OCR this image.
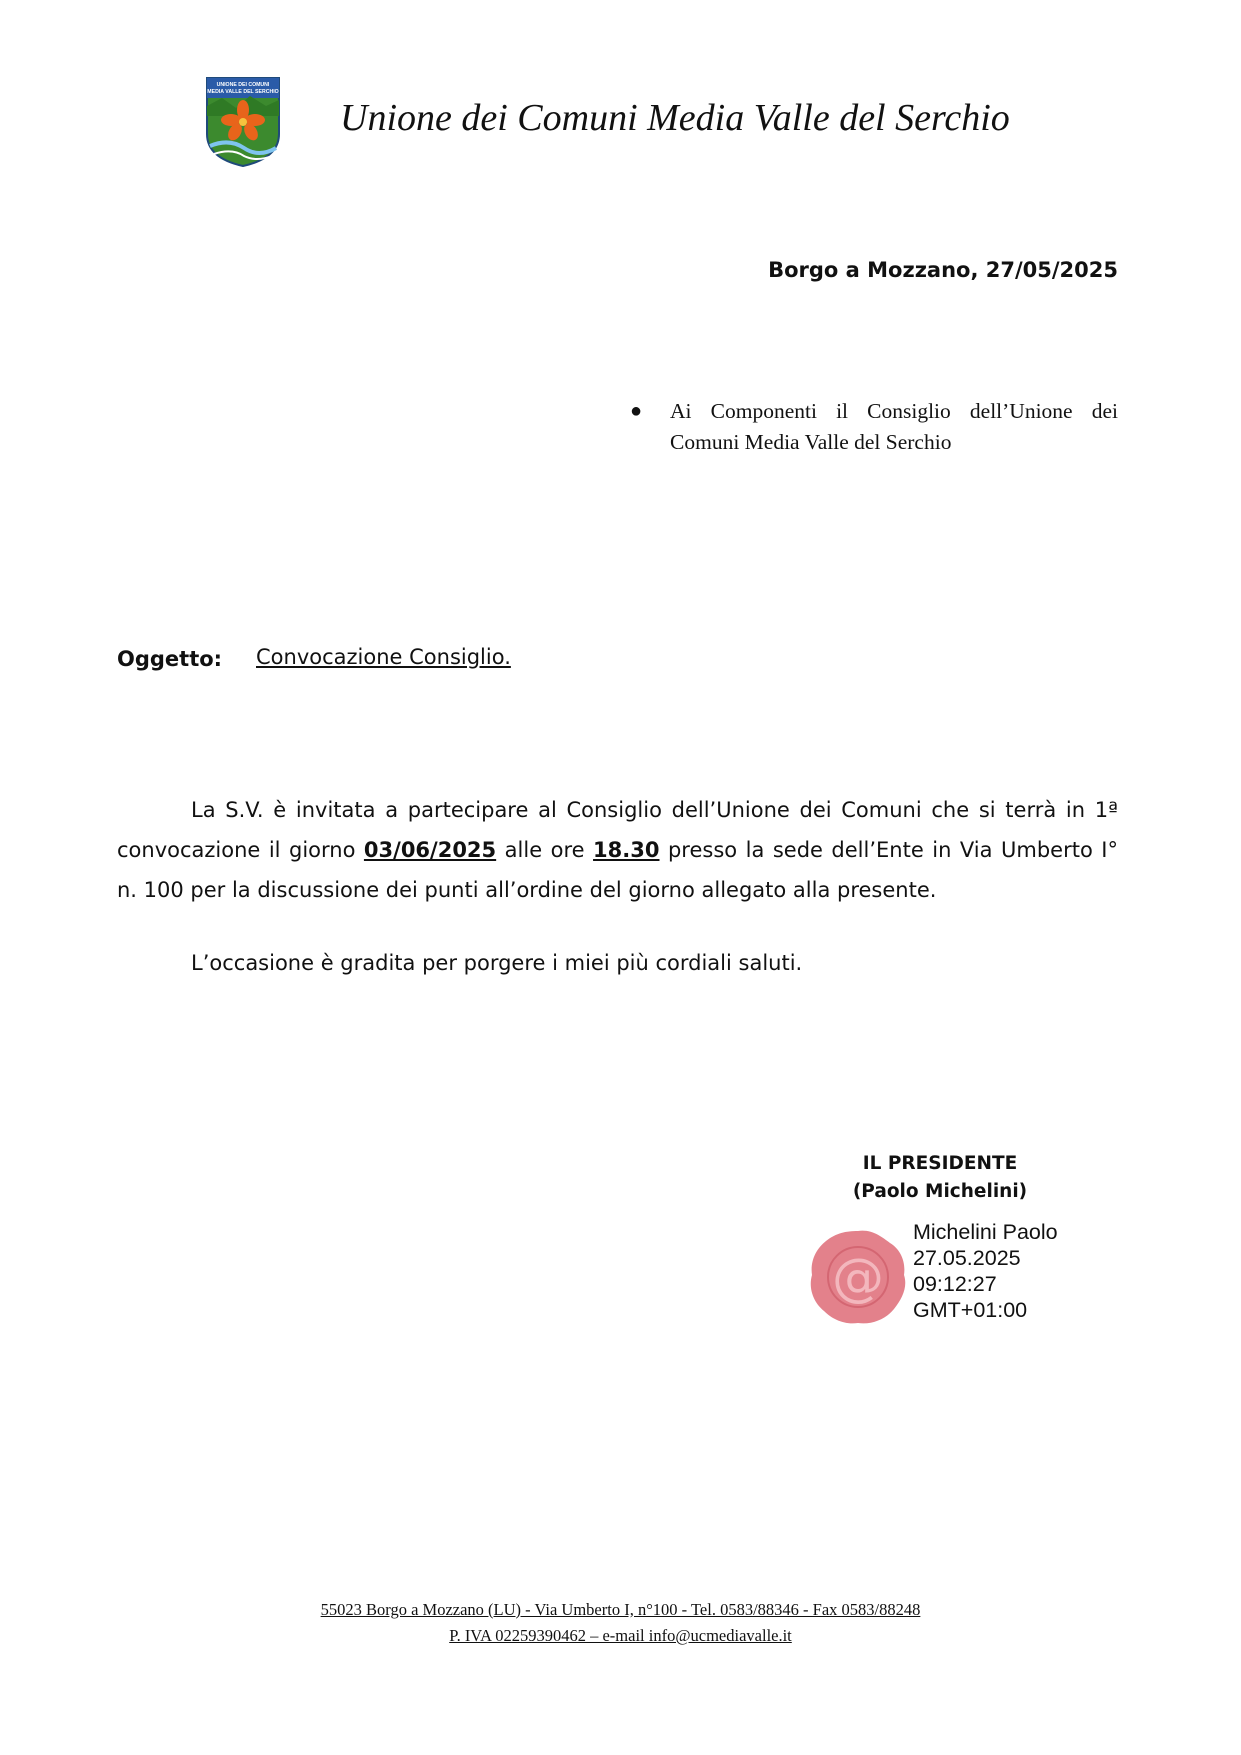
UNIONE DEI COMUNI
MEDIA VALLE DEL SERCHIO
Unione dei Comuni Media Valle del Serchio
Borgo a Mozzano, 27/05/2025
● Ai Componenti il Consiglio dell’Unione dei Comuni Media Valle del Serchio
Oggetto: Convocazione Consiglio.
La S.V. è invitata a partecipare al Consiglio dell’Unione dei Comuni che si terrà in 1ª convocazione il giorno 03/06/2025 alle ore 18.30 presso la sede dell’Ente in Via Umberto I° n. 100 per la discussione dei punti all’ordine del giorno allegato alla presente.
L’occasione è gradita per porgere i miei più cordiali saluti.
IL PRESIDENTE
(Paolo Michelini)
@
Michelini Paolo
27.05.2025
09:12:27
GMT+01:00
55023 Borgo a Mozzano (LU) - Via Umberto I, n°100 - Tel. 0583/88346 - Fax 0583/88248
P. IVA 02259390462 – e-mail info@ucmediavalle.it
